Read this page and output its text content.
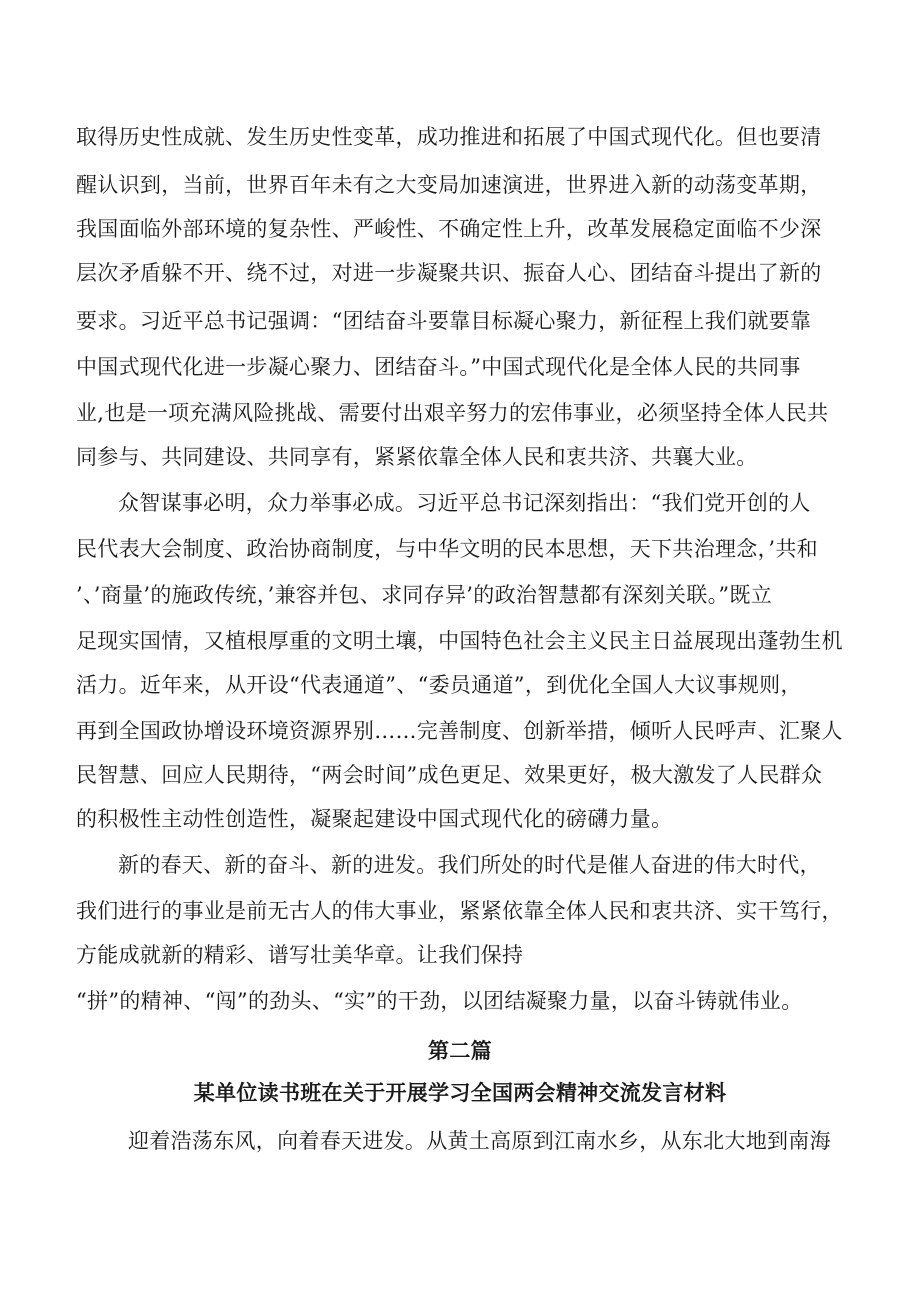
取得历史性成就、发生历史性变革，成功推进和拓展了中国式现代化。但也要清
醒认识到，当前，世界百年未有之大变局加速演进，世界进入新的动荡变革期，
我国面临外部环境的复杂性、严峻性、不确定性上升，改革发展稳定面临不少深
层次矛盾躲不开、绕不过，对进一步凝聚共识、振奋人心、团结奋斗提出了新的
要求。习近平总书记强调：“团结奋斗要靠目标凝心聚力，新征程上我们就要靠
中国式现代化进一步凝心聚力、团结奋斗。”中国式现代化是全体人民的共同事
业,也是一项充满风险挑战、需要付出艰辛努力的宏伟事业，必须坚持全体人民共
同参与、共同建设、共同享有，紧紧依靠全体人民和衷共济、共襄大业。
众智谋事必明，众力举事必成。习近平总书记深刻指出：“我们党开创的人
民代表大会制度、政治协商制度，与中华文明的民本思想，天下共治理念，’共和
’、’商量’的施政传统，’兼容并包、求同存异’的政治智慧都有深刻关联。”既立
足现实国情，又植根厚重的文明土壤，中国特色社会主义民主日益展现出蓬勃生机
活力。近年来，从开设“代表通道”、“委员通道”，到优化全国人大议事规则，
再到全国政协增设环境资源界别……完善制度、创新举措，倾听人民呼声、汇聚人
民智慧、回应人民期待，“两会时间”成色更足、效果更好，极大激发了人民群众
的积极性主动性创造性，凝聚起建设中国式现代化的磅礴力量。
新的春天、新的奋斗、新的进发。我们所处的时代是催人奋进的伟大时代，
我们进行的事业是前无古人的伟大事业，紧紧依靠全体人民和衷共济、实干笃行，
方能成就新的精彩、谱写壮美华章。让我们保持
“拼”的精神、“闯”的劲头、“实”的干劲，以团结凝聚力量，以奋斗铸就伟业。
第二篇
某单位读书班在关于开展学习全国两会精神交流发言材料
迎着浩荡东风，向着春天进发。从黄土高原到江南水乡，从东北大地到南海
